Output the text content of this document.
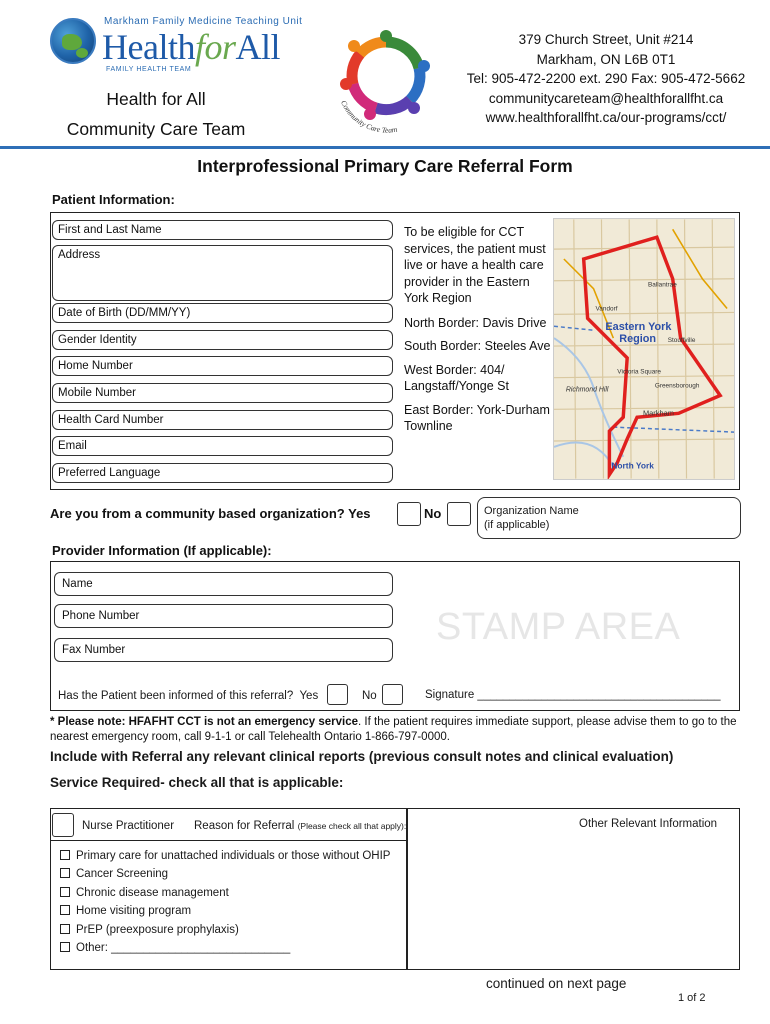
Markham Family Medicine Teaching Unit
HealthforAll
FAMILY HEALTH TEAM
Health for All
Community Care Team
Community Care Team
379 Church Street, Unit #214
Markham, ON L6B 0T1
Tel: 905-472-2200 ext. 290 Fax: 905-472-5662
communitycareteam@healthforallfht.ca
www.healthforallfht.ca/our-programs/cct/
Interprofessional Primary Care Referral Form
Patient Information:
First and Last Name
Address
Date of Birth (DD/MM/YY)
Gender Identity
Home Number
Mobile Number
Health Card Number
Email
Preferred Language
To be eligible for CCT services, the patient must live or have a health care provider in the Eastern York Region
North Border: Davis Drive
South Border: Steeles Ave
West Border: 404/ Langstaff/Yonge St
East Border: York-Durham Townline
Ballantrae
Vandorf
Stouffville
Victoria Square
Richmond Hill
Greensborough
Markham
North York
Eastern York
Region
Are you from a community based organization? Yes	No	Organization Name
(if applicable)
Provider Information (If applicable):
STAMP AREA
Name
Phone Number
Fax Number
Has the Patient been informed of this referral? Yes	No	Signature ______________________________________
* Please note: HFAFHT CCT is not an emergency service. If the patient requires immediate support, please advise them to go to the nearest emergency room, call 9-1-1 or call Telehealth Ontario 1-866-797-0000.
Include with Referral any relevant clinical reports (previous consult notes and clinical evaluation)
Service Required- check all that is applicable:
Nurse Practitioner Reason for Referral (Please check all that apply):	Other Relevant Information
Primary care for unattached individuals or those without OHIP
Cancer Screening
Chronic disease management
Home visiting program
PrEP (preexposure prophylaxis)
Other: ____________________________
continued on next page
1 of 2
